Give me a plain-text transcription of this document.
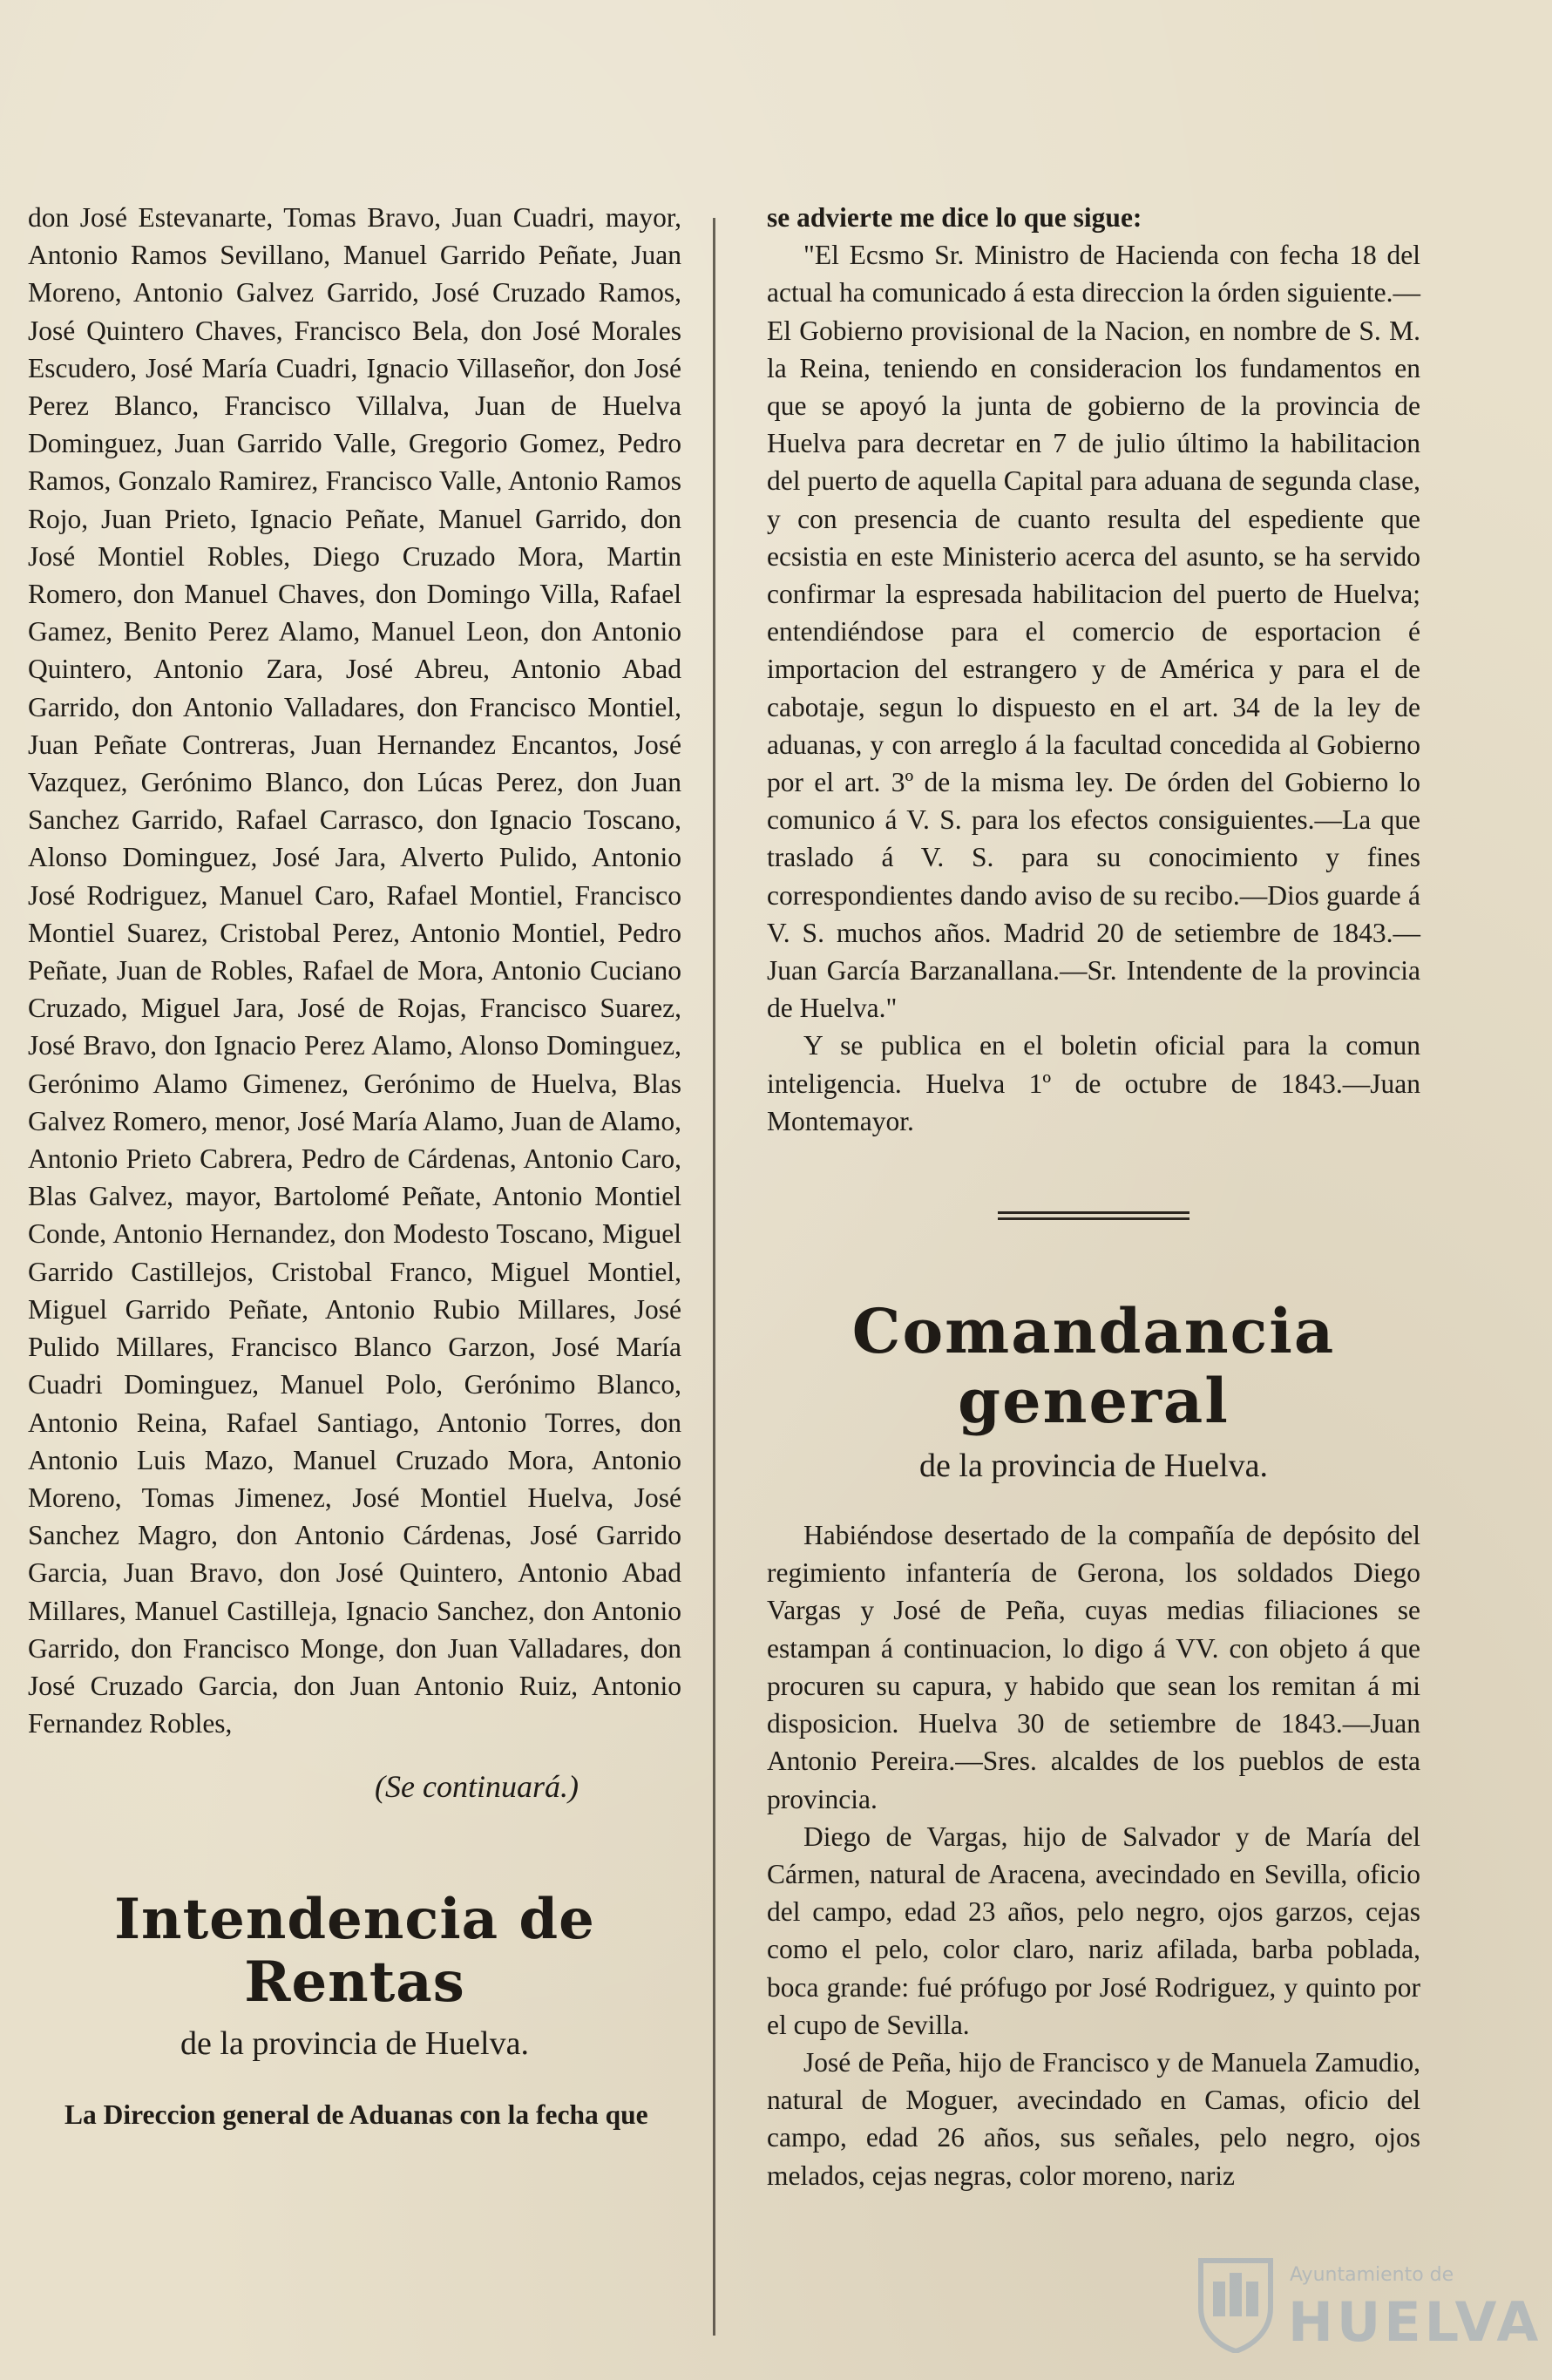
don José Estevanarte, Tomas Bravo, Juan Cuadri, mayor, Antonio Ramos Sevillano, Manuel Garrido Peñate, Juan Moreno, Antonio Galvez Garrido, José Cruzado Ramos, José Quintero Chaves, Francisco Bela, don José Morales Escudero, José María Cuadri, Ignacio Villaseñor, don José Perez Blanco, Francisco Villalva, Juan de Huelva Dominguez, Juan Garrido Valle, Gregorio Gomez, Pedro Ramos, Gonzalo Ramirez, Francisco Valle, Antonio Ramos Rojo, Juan Prieto, Ignacio Peñate, Manuel Garrido, don José Montiel Robles, Diego Cruzado Mora, Martin Romero, don Manuel Chaves, don Domingo Villa, Rafael Gamez, Benito Perez Alamo, Manuel Leon, don Antonio Quintero, Antonio Zara, José Abreu, Antonio Abad Garrido, don Antonio Valladares, don Francisco Montiel, Juan Peñate Contreras, Juan Hernandez Encantos, José Vazquez, Gerónimo Blanco, don Lúcas Perez, don Juan Sanchez Garrido, Rafael Carrasco, don Ignacio Toscano, Alonso Dominguez, José Jara, Alverto Pulido, Antonio José Rodriguez, Manuel Caro, Rafael Montiel, Francisco Montiel Suarez, Cristobal Perez, Antonio Montiel, Pedro Peñate, Juan de Robles, Rafael de Mora, Antonio Cuciano Cruzado, Miguel Jara, José de Rojas, Francisco Suarez, José Bravo, don Ignacio Perez Alamo, Alonso Dominguez, Gerónimo Alamo Gimenez, Gerónimo de Huelva, Blas Galvez Romero, menor, José María Alamo, Juan de Alamo, Antonio Prieto Cabrera, Pedro de Cárdenas, Antonio Caro, Blas Galvez, mayor, Bartolomé Peñate, Antonio Montiel Conde, Antonio Hernandez, don Modesto Toscano, Miguel Garrido Castillejos, Cristobal Franco, Miguel Montiel, Miguel Garrido Peñate, Antonio Rubio Millares, José Pulido Millares, Francisco Blanco Garzon, José María Cuadri Dominguez, Manuel Polo, Gerónimo Blanco, Antonio Reina, Rafael Santiago, Antonio Torres, don Antonio Luis Mazo, Manuel Cruzado Mora, Antonio Moreno, Tomas Jimenez, José Montiel Huelva, José Sanchez Magro, don Antonio Cárdenas, José Garrido Garcia, Juan Bravo, don José Quintero, Antonio Abad Millares, Manuel Castilleja, Ignacio Sanchez, don Antonio Garrido, don Francisco Monge, don Juan Valladares, don José Cruzado Garcia, don Juan Antonio Ruiz, Antonio Fernandez Robles,

(Se continuará.)

Intendencia de Rentas
de la provincia de Huelva.

La Direccion general de Aduanas con la fecha que

se advierte me dice lo que sigue:

"El Ecsmo Sr. Ministro de Hacienda con fecha 18 del actual ha comunicado á esta direccion la órden siguiente.—El Gobierno provisional de la Nacion, en nombre de S. M. la Reina, teniendo en consideracion los fundamentos en que se apoyó la junta de gobierno de la provincia de Huelva para decretar en 7 de julio último la habilitacion del puerto de aquella Capital para aduana de segunda clase, y con presencia de cuanto resulta del espediente que ecsistia en este Ministerio acerca del asunto, se ha servido confirmar la espresada habilitacion del puerto de Huelva; entendiéndose para el comercio de esportacion é importacion del estrangero y de América y para el de cabotaje, segun lo dispuesto en el art. 34 de la ley de aduanas, y con arreglo á la facultad concedida al Gobierno por el art. 3º de la misma ley. De órden del Gobierno lo comunico á V. S. para los efectos consiguientes.—La que traslado á V. S. para su conocimiento y fines correspondientes dando aviso de su recibo.—Dios guarde á V. S. muchos años. Madrid 20 de setiembre de 1843.—Juan García Barzanallana.—Sr. Intendente de la provincia de Huelva."

Y se publica en el boletin oficial para la comun inteligencia. Huelva 1º de octubre de 1843.—Juan Montemayor.

Comandancia general
de la provincia de Huelva.

Habiéndose desertado de la compañía de depósito del regimiento infantería de Gerona, los soldados Diego Vargas y José de Peña, cuyas medias filiaciones se estampan á continuacion, lo digo á VV. con objeto á que procuren su capura, y habido que sean los remitan á mi disposicion. Huelva 30 de setiembre de 1843.—Juan Antonio Pereira.—Sres. alcaldes de los pueblos de esta provincia.

Diego de Vargas, hijo de Salvador y de María del Cármen, natural de Aracena, avecindado en Sevilla, oficio del campo, edad 23 años, pelo negro, ojos garzos, cejas como el pelo, color claro, nariz afilada, barba poblada, boca grande: fué prófugo por José Rodriguez, y quinto por el cupo de Sevilla.

José de Peña, hijo de Francisco y de Manuela Zamudio, natural de Moguer, avecindado en Camas, oficio del campo, edad 26 años, sus señales, pelo negro, ojos melados, cejas negras, color moreno, nariz

Ayuntamiento de
HUELVA
